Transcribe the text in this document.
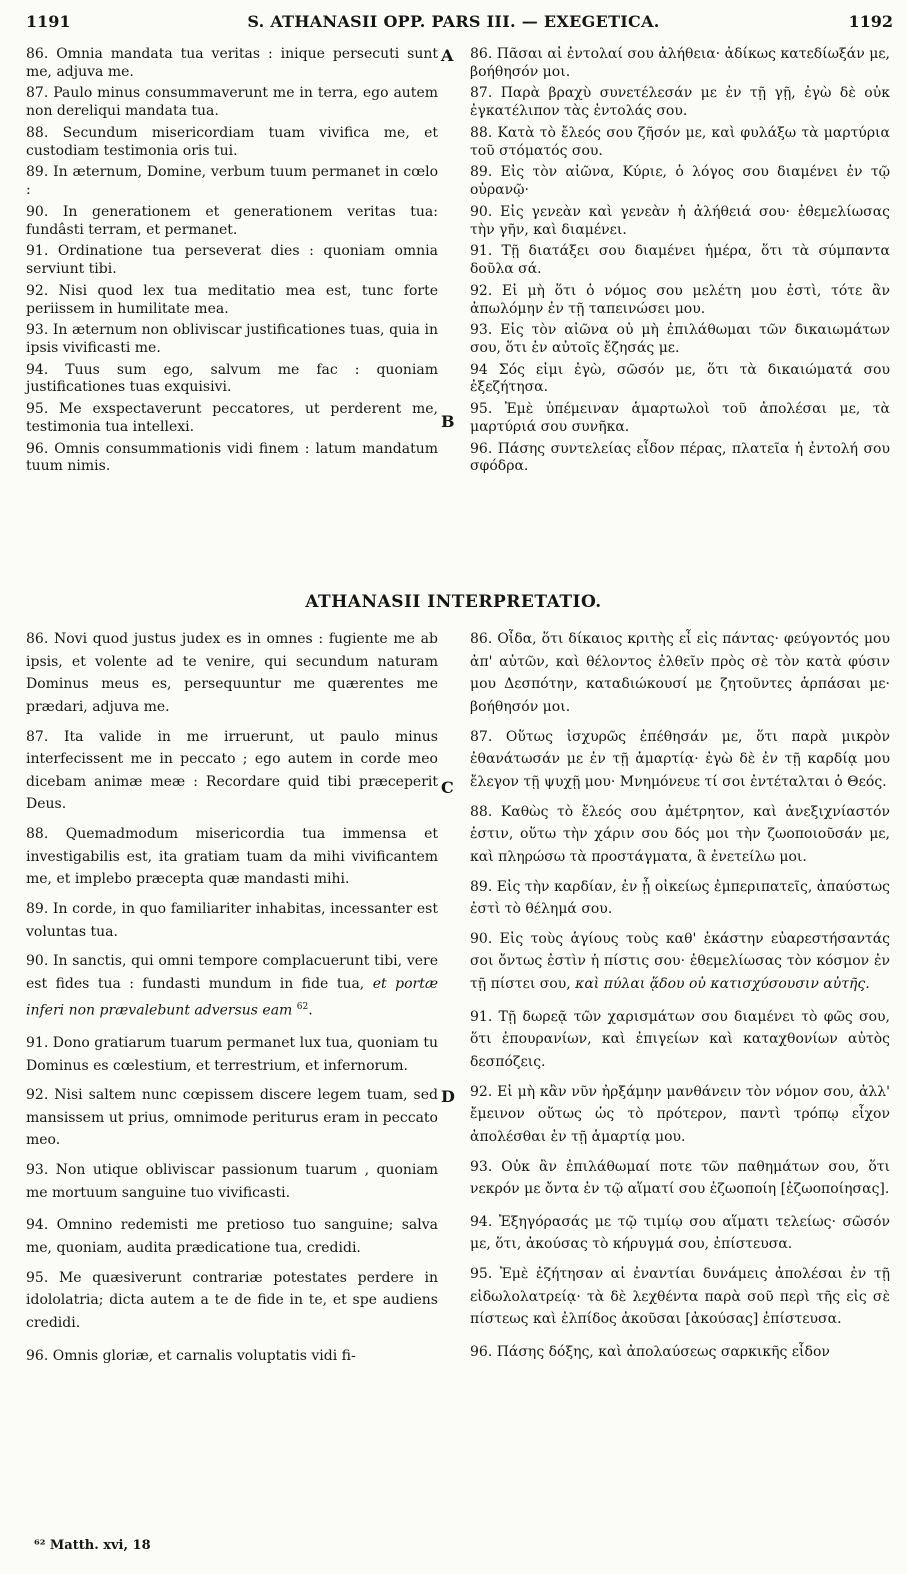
1191	S. ATHANASII OPP. PARS III. — EXEGETICA.	1192
A
B
C
D

86. Omnia mandata tua veritas : inique persecuti sunt me, adjuva me.

87. Paulo minus consummaverunt me in terra, ego autem non dereliqui mandata tua.

88. Secundum misericordiam tuam vivifica me, et custodiam testimonia oris tui.

89. In æternum, Domine, verbum tuum permanet in cœlo :

90. In generationem et generationem veritas tua: fundâsti terram, et permanet.

91. Ordinatione tua perseverat dies : quoniam omnia serviunt tibi.

92. Nisi quod lex tua meditatio mea est, tunc forte periissem in humilitate mea.

93. In æternum non obliviscar justificationes tuas, quia in ipsis vivificasti me.

94. Tuus sum ego, salvum me fac : quoniam justificationes tuas exquisivi.

95. Me exspectaverunt peccatores, ut perderent me, testimonia tua intellexi.

96. Omnis consummationis vidi finem : latum mandatum tuum nimis.

86. Πᾶσαι αἱ ἐντολαί σου ἀλήθεια· ἀδίκως κατεδίωξάν με, βοήθησόν μοι.

87. Παρὰ βραχὺ συνετέλεσάν με ἐν τῇ γῇ, ἐγὼ δὲ οὐκ ἐγκατέλιπον τὰς ἐντολάς σου.

88. Κατὰ τὸ ἔλεός σου ζῆσόν με, καὶ φυλάξω τὰ μαρτύρια τοῦ στόματός σου.

89. Εἰς τὸν αἰῶνα, Κύριε, ὁ λόγος σου διαμένει ἐν τῷ οὐρανῷ·

90. Εἰς γενεὰν καὶ γενεὰν ἡ ἀλήθειά σου· ἐθεμελίωσας τὴν γῆν, καὶ διαμένει.

91. Τῇ διατάξει σου διαμένει ἡμέρα, ὅτι τὰ σύμπαντα δοῦλα σά.

92. Εἰ μὴ ὅτι ὁ νόμος σου μελέτη μου ἐστὶ, τότε ἂν ἀπωλόμην ἐν τῇ ταπεινώσει μου.

93. Εἰς τὸν αἰῶνα οὐ μὴ ἐπιλάθωμαι τῶν δικαιωμάτων σου, ὅτι ἐν αὐτοῖς ἔζησάς με.

94 Σός εἰμι ἐγὼ, σῶσόν με, ὅτι τὰ δικαιώματά σου ἐξεζήτησα.

95. Ἐμὲ ὑπέμειναν ἁμαρτωλοὶ τοῦ ἀπολέσαι με, τὰ μαρτύριά σου συνῆκα.

96. Πάσης συντελείας εἶδον πέρας, πλατεῖα ἡ ἐντολή σου σφόδρα.

ATHANASII INTERPRETATIO.

86. Novi quod justus judex es in omnes : fugiente me ab ipsis, et volente ad te venire, qui secundum naturam Dominus meus es, persequuntur me quærentes me prædari, adjuva me.

87. Ita valide in me irruerunt, ut paulo minus interfecissent me in peccato ; ego autem in corde meo dicebam animæ meæ : Recordare quid tibi præceperit Deus.

88. Quemadmodum misericordia tua immensa et investigabilis est, ita gratiam tuam da mihi vivificantem me, et implebo præcepta quæ mandasti mihi.

89. In corde, in quo familiariter inhabitas, incessanter est voluntas tua.

90. In sanctis, qui omni tempore complacuerunt tibi, vere est fides tua : fundasti mundum in fide tua, et portæ inferi non prævalebunt adversus eam $^{62}$.

91. Dono gratiarum tuarum permanet lux tua, quoniam tu Dominus es cœlestium, et terrestrium, et infernorum.

92. Nisi saltem nunc cœpissem discere legem tuam, sed mansissem ut prius, omnimode periturus eram in peccato meo.

93. Non utique obliviscar passionum tuarum , quoniam me mortuum sanguine tuo vivificasti.

94. Omnino redemisti me pretioso tuo sanguine; salva me, quoniam, audita prædicatione tua, credidi.

95. Me quæsiverunt contrariæ potestates perdere in idololatria; dicta autem a te de fide in te, et spe audiens credidi.

96. Omnis gloriæ, et carnalis voluptatis vidi fi-

86. Οἶδα, ὅτι δίκαιος κριτὴς εἶ εἰς πάντας· φεύγοντός μου ἀπ' αὐτῶν, καὶ θέλοντος ἐλθεῖν πρὸς σὲ τὸν κατὰ φύσιν μου Δεσπότην, καταδιώκουσί με ζητοῦντες ἁρπάσαι με· βοήθησόν μοι.

87. Οὕτως ἰσχυρῶς ἐπέθησάν με, ὅτι παρὰ μικρὸν ἐθανάτωσάν με ἐν τῇ ἁμαρτίᾳ· ἐγὼ δὲ ἐν τῇ καρδίᾳ μου ἔλεγον τῇ ψυχῇ μου· Μνημόνευε τί σοι ἐντέταλται ὁ Θεός.

88. Καθὼς τὸ ἔλεός σου ἀμέτρητον, καὶ ἀνεξιχνίαστόν ἐστιν, οὕτω τὴν χάριν σου δός μοι τὴν ζωοποιοῦσάν με, καὶ πληρώσω τὰ προστάγματα, ἃ ἐνετείλω μοι.

89. Εἰς τὴν καρδίαν, ἐν ᾗ οἰκείως ἐμπεριπατεῖς, ἀπαύστως ἐστὶ τὸ θέλημά σου.

90. Εἰς τοὺς ἁγίους τοὺς καθ' ἑκάστην εὐαρεστήσαντάς σοι ὄντως ἐστὶν ἡ πίστις σου· ἐθεμελίωσας τὸν κόσμον ἐν τῇ πίστει σου, καὶ πύλαι ᾅδου οὐ κατισχύσουσιν αὐτῆς.

91. Τῇ δωρεᾷ τῶν χαρισμάτων σου διαμένει τὸ φῶς σου, ὅτι ἐπουρανίων, καὶ ἐπιγείων καὶ καταχθονίων αὐτὸς δεσπόζεις.

92. Εἰ μὴ κἂν νῦν ἠρξάμην μανθάνειν τὸν νόμον σου, ἀλλ' ἔμεινον οὕτως ὡς τὸ πρότερον, παντὶ τρόπῳ εἶχον ἀπολέσθαι ἐν τῇ ἁμαρτίᾳ μου.

93. Οὐκ ἂν ἐπιλάθωμαί ποτε τῶν παθημάτων σου, ὅτι νεκρόν με ὄντα ἐν τῷ αἵματί σου ἐζωοποίη [ἐζωοποίησας].

94. Ἐξηγόρασάς με τῷ τιμίῳ σου αἵματι τελείως· σῶσόν με, ὅτι, ἀκούσας τὸ κήρυγμά σου, ἐπίστευσα.

95. Ἐμὲ ἐζήτησαν αἱ ἐναντίαι δυνάμεις ἀπολέσαι ἐν τῇ εἰδωλολατρείᾳ· τὰ δὲ λεχθέντα παρὰ σοῦ περὶ τῆς εἰς σὲ πίστεως καὶ ἐλπίδος ἀκοῦσαι [ἀκούσας] ἐπίστευσα.

96. Πάσης δόξης, καὶ ἀπολαύσεως σαρκικῆς εἶδον

⁶² Matth. xvi, 18
